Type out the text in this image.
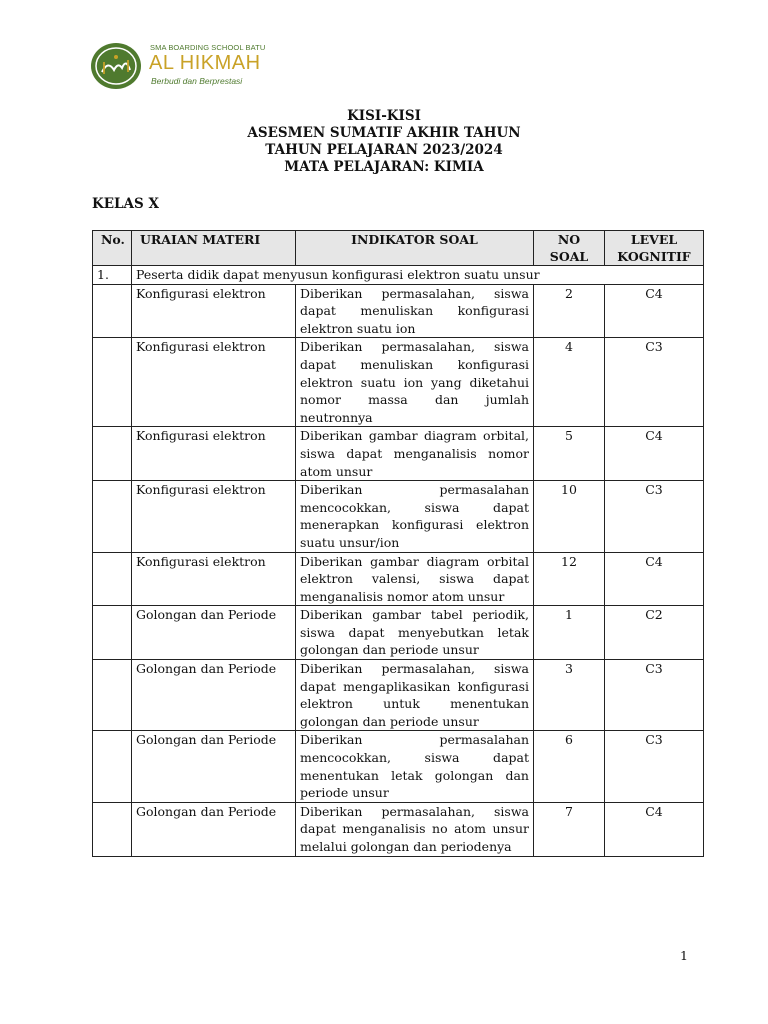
SMA BOARDING SCHOOL BATU
AL HIKMAH
Berbudi dan Berprestasi
KISI-KISI
ASESMEN SUMATIF AKHIR TAHUN
TAHUN PELAJARAN 2023/2024
MATA PELAJARAN: KIMIA
KELAS X
No.	URAIAN MATERI	INDIKATOR SOAL	NO SOAL	LEVEL KOGNITIF
1.	Peserta didik dapat menyusun konfigurasi elektron suatu unsur			
	Konfigurasi elektron	Diberikan permasalahan, siswa dapat menuliskan konfigurasi elektron suatu ion	2	C4
	Konfigurasi elektron	Diberikan permasalahan, siswa dapat menuliskan konfigurasi elektron suatu ion yang diketahui nomor massa dan jumlah neutronnya	4	C3
	Konfigurasi elektron	Diberikan gambar diagram orbital, siswa dapat menganalisis nomor atom unsur	5	C4
	Konfigurasi elektron	Diberikan permasalahan mencocokkan, siswa dapat menerapkan konfigurasi elektron suatu unsur/ion	10	C3
	Konfigurasi elektron	Diberikan gambar diagram orbital elektron valensi, siswa dapat menganalisis nomor atom unsur	12	C4
	Golongan dan Periode	Diberikan gambar tabel periodik, siswa dapat menyebutkan letak golongan dan periode unsur	1	C2
	Golongan dan Periode	Diberikan permasalahan, siswa dapat mengaplikasikan konfigurasi elektron untuk menentukan golongan dan periode unsur	3	C3
	Golongan dan Periode	Diberikan permasalahan mencocokkan, siswa dapat menentukan letak golongan dan periode unsur	6	C3
	Golongan dan Periode	Diberikan permasalahan, siswa dapat menganalisis no atom unsur melalui golongan dan periodenya	7	C4
1
